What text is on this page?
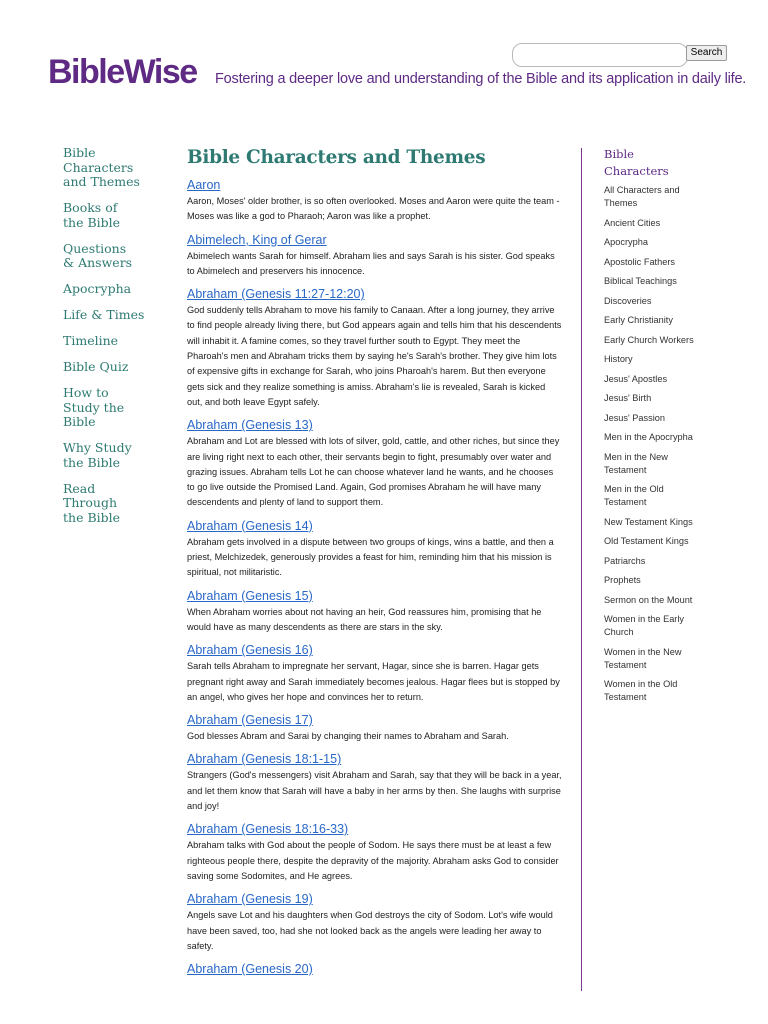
Search
BibleWise Fostering a deeper love and understanding of the Bible and its application in daily life.
Bible
Characters
and Themes
Books of
the Bible
Questions
& Answers
Apocrypha
Life & Times
Timeline
Bible Quiz
How to
Study the
Bible
Why Study
the Bible
Read
Through
the Bible
Bible Characters and Themes
Aaron

Aaron, Moses' older brother, is so often overlooked. Moses and Aaron were quite the team - Moses was like a god to Pharaoh; Aaron was like a prophet.

Abimelech, King of Gerar

Abimelech wants Sarah for himself. Abraham lies and says Sarah is his sister. God speaks to Abimelech and preservers his innocence.

Abraham (Genesis 11:27-12:20)

God suddenly tells Abraham to move his family to Canaan. After a long journey, they arrive to find people already living there, but God appears again and tells him that his descendents will inhabit it. A famine comes, so they travel further south to Egypt. They meet the Pharoah's men and Abraham tricks them by saying he's Sarah's brother. They give him lots of expensive gifts in exchange for Sarah, who joins Pharoah's harem. But then everyone gets sick and they realize something is amiss. Abraham's lie is revealed, Sarah is kicked out, and both leave Egypt safely.

Abraham (Genesis 13)

Abraham and Lot are blessed with lots of silver, gold, cattle, and other riches, but since they are living right next to each other, their servants begin to fight, presumably over water and grazing issues. Abraham tells Lot he can choose whatever land he wants, and he chooses to go live outside the Promised Land. Again, God promises Abraham he will have many descendents and plenty of land to support them.

Abraham (Genesis 14)

Abraham gets involved in a dispute between two groups of kings, wins a battle, and then a priest, Melchizedek, generously provides a feast for him, reminding him that his mission is spiritual, not militaristic.

Abraham (Genesis 15)

When Abraham worries about not having an heir, God reassures him, promising that he would have as many descendents as there are stars in the sky.

Abraham (Genesis 16)

Sarah tells Abraham to impregnate her servant, Hagar, since she is barren. Hagar gets pregnant right away and Sarah immediately becomes jealous. Hagar flees but is stopped by an angel, who gives her hope and convinces her to return.

Abraham (Genesis 17)

God blesses Abram and Sarai by changing their names to Abraham and Sarah.

Abraham (Genesis 18:1-15)

Strangers (God's messengers) visit Abraham and Sarah, say that they will be back in a year, and let them know that Sarah will have a baby in her arms by then. She laughs with surprise and joy!

Abraham (Genesis 18:16-33)

Abraham talks with God about the people of Sodom. He says there must be at least a few righteous people there, despite the depravity of the majority. Abraham asks God to consider saving some Sodomites, and He agrees.

Abraham (Genesis 19)

Angels save Lot and his daughters when God destroys the city of Sodom. Lot's wife would have been saved, too, had she not looked back as the angels were leading her away to safety.

Abraham (Genesis 20)
Bible
Characters
All Characters and
Themes
Ancient Cities
Apocrypha
Apostolic Fathers
Biblical Teachings
Discoveries
Early Christianity
Early Church Workers
History
Jesus' Apostles
Jesus' Birth
Jesus' Passion
Men in the Apocrypha
Men in the New
Testament
Men in the Old
Testament
New Testament Kings
Old Testament Kings
Patriarchs
Prophets
Sermon on the Mount
Women in the Early
Church
Women in the New
Testament
Women in the Old
Testament
